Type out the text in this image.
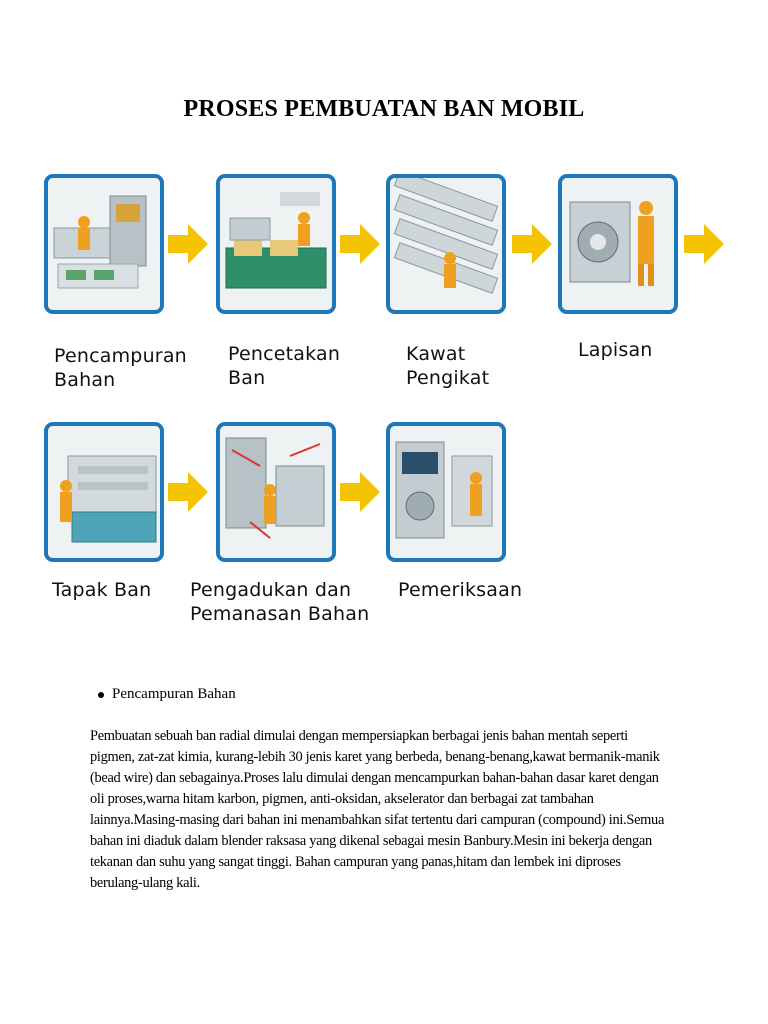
PROSES PEMBUATAN BAN MOBIL
Pencampuran
Bahan
Pencetakan
Ban
Kawat
Pengikat
Lapisan
Tapak Ban Pengadukan dan
Pemanasan Bahan
Pemeriksaan
Pencampuran Bahan
Pembuatan sebuah ban radial dimulai dengan mempersiapkan berbagai jenis bahan mentah seperti pigmen, zat-zat kimia, kurang-lebih 30 jenis karet yang berbeda, benang-benang,kawat bermanik-manik (bead wire) dan sebagainya.Proses lalu dimulai dengan mencampurkan bahan-bahan dasar karet dengan oli proses,warna hitam karbon, pigmen, anti-oksidan, akselerator dan berbagai zat tambahan lainnya.Masing-masing dari bahan ini menambahkan sifat tertentu dari campuran (compound) ini.Semua bahan ini diaduk dalam blender raksasa yang dikenal sebagai mesin Banbury.Mesin ini bekerja dengan tekanan dan suhu yang sangat tinggi. Bahan campuran yang panas,hitam dan lembek ini diproses berulang-ulang kali.
